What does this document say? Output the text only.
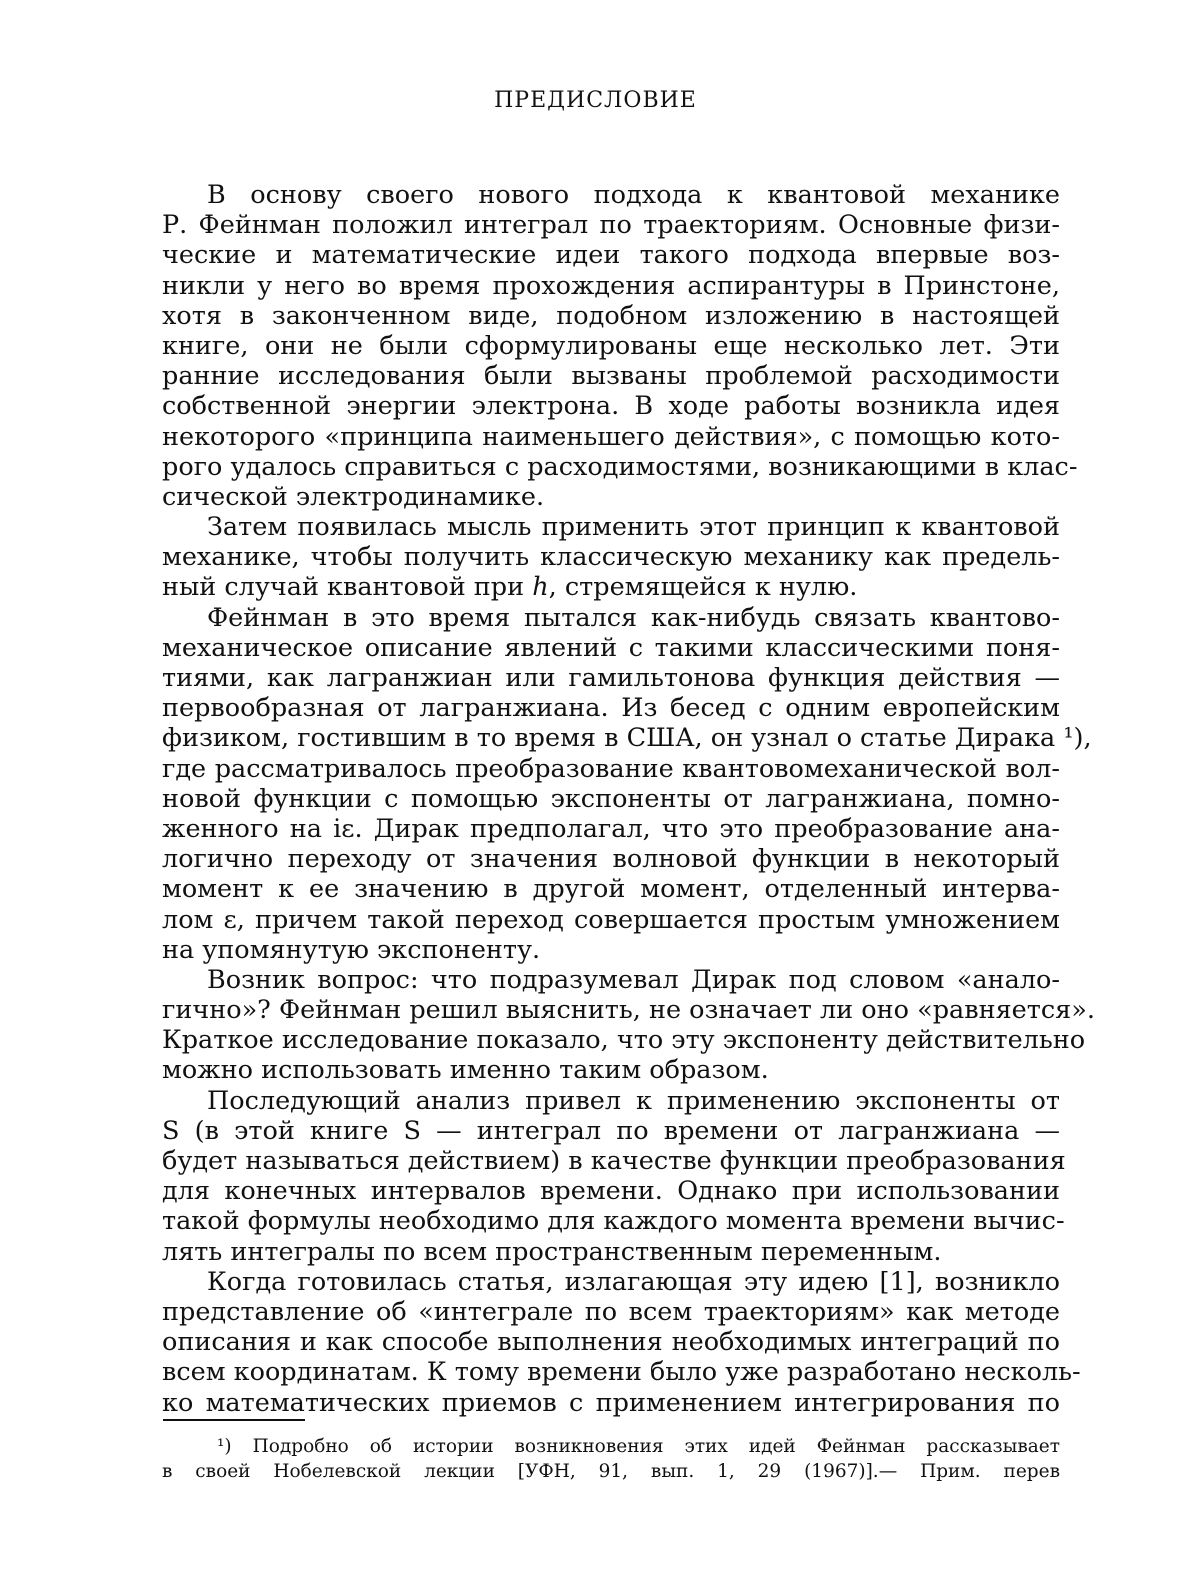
ПРЕДИСЛОВИЕ
В основу своего нового подхода к квантовой механике
Р. Фейнман положил интеграл по траекториям. Основные физи-
ческие и математические идеи такого подхода впервые воз-
никли у него во время прохождения аспирантуры в Принстоне,
хотя в законченном виде, подобном изложению в настоящей
книге, они не были сформулированы еще несколько лет. Эти
ранние исследования были вызваны проблемой расходимости
собственной энергии электрона. В ходе работы возникла идея
некоторого «принципа наименьшего действия», с помощью кото-
рого удалось справиться с расходимостями, возникающими в клас-
сической электродинамике.
Затем появилась мысль применить этот принцип к квантовой
механике, чтобы получить классическую механику как предель-
ный случай квантовой при ℎ, стремящейся к нулю.
Фейнман в это время пытался как-нибудь связать квантово-
механическое описание явлений с такими классическими поня-
тиями, как лагранжиан или гамильтонова функция действия —
первообразная от лагранжиана. Из бесед с одним европейским
физиком, гостившим в то время в США, он узнал о статье Дирака ¹),
где рассматривалось преобразование квантовомеханической вол-
новой функции с помощью экспоненты от лагранжиана, помно-
женного на iε. Дирак предполагал, что это преобразование ана-
логично переходу от значения волновой функции в некоторый
момент к ее значению в другой момент, отделенный интерва-
лом ε, причем такой переход совершается простым умножением
на упомянутую экспоненту.
Возник вопрос: что подразумевал Дирак под словом «анало-
гично»? Фейнман решил выяснить, не означает ли оно «равняется».
Краткое исследование показало, что эту экспоненту действительно
можно использовать именно таким образом.
Последующий анализ привел к применению экспоненты от
S (в этой книге S — интеграл по времени от лагранжиана —
будет называться действием) в качестве функции преобразования
для конечных интервалов времени. Однако при использовании
такой формулы необходимо для каждого момента времени вычис-
лять интегралы по всем пространственным переменным.
Когда готовилась статья, излагающая эту идею [1], возникло
представление об «интеграле по всем траекториям» как методе
описания и как способе выполнения необходимых интеграций по
всем координатам. К тому времени было уже разработано несколь-
ко математических приемов с применением интегрирования по
¹) Подробно об истории возникновения этих идей Фейнман рассказывает
в своей Нобелевской лекции [УФН, 91, вып. 1, 29 (1967)].— Прим. перев
